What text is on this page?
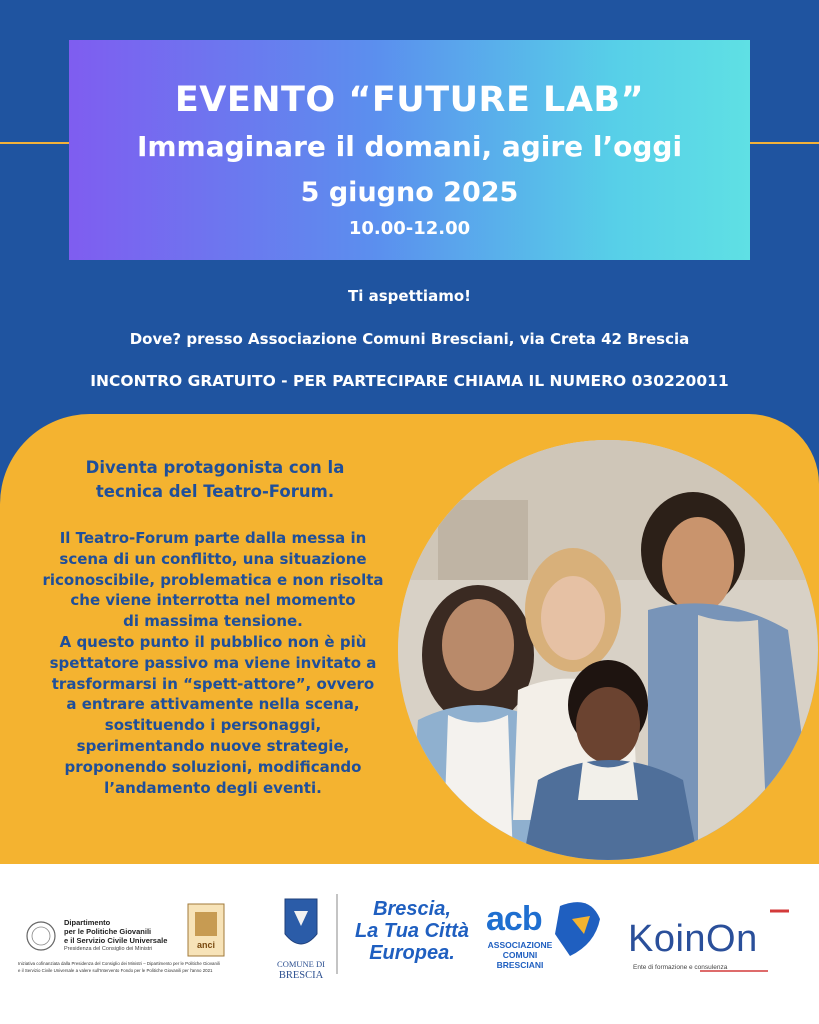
EVENTO “FUTURE LAB”
Immaginare il domani, agire l’oggi
5 giugno 2025
10.00-12.00
Ti aspettiamo!
Dove? presso Associazione Comuni Bresciani, via Creta 42 Brescia
INCONTRO GRATUITO - PER PARTECIPARE CHIAMA IL NUMERO 030220011
Diventa protagonista con la
tecnica del Teatro-Forum.
Il Teatro-Forum parte dalla messa in
scena di un conflitto, una situazione
riconoscibile, problematica e non risolta
che viene interrotta nel momento
di massima tensione.
A questo punto il pubblico non è più
spettatore passivo ma viene invitato a
trasformarsi in “spett-attore”, ovvero
a entrare attivamente nella scena,
sostituendo i personaggi,
sperimentando nuove strategie,
proponendo soluzioni, modificando
l’andamento degli eventi.
Dipartimento
per le Politiche Giovanili
e il Servizio Civile Universale
Presidenza del Consiglio dei Ministri
Iniziativa cofinanziata dalla Presidenza del Consiglio dei Ministri – Dipartimento per le Politiche Giovanili
e il Servizio Civile Universale a valere sull'Intervento Fondo per le Politiche Giovanili per l'anno 2021
anci
COMUNE DI
BRESCIA
Brescia,
La Tua Città
Europea.
acb
ASSOCIAZIONE
COMUNI
BRESCIANI
KoinOn
Ente di formazione e consulenza
